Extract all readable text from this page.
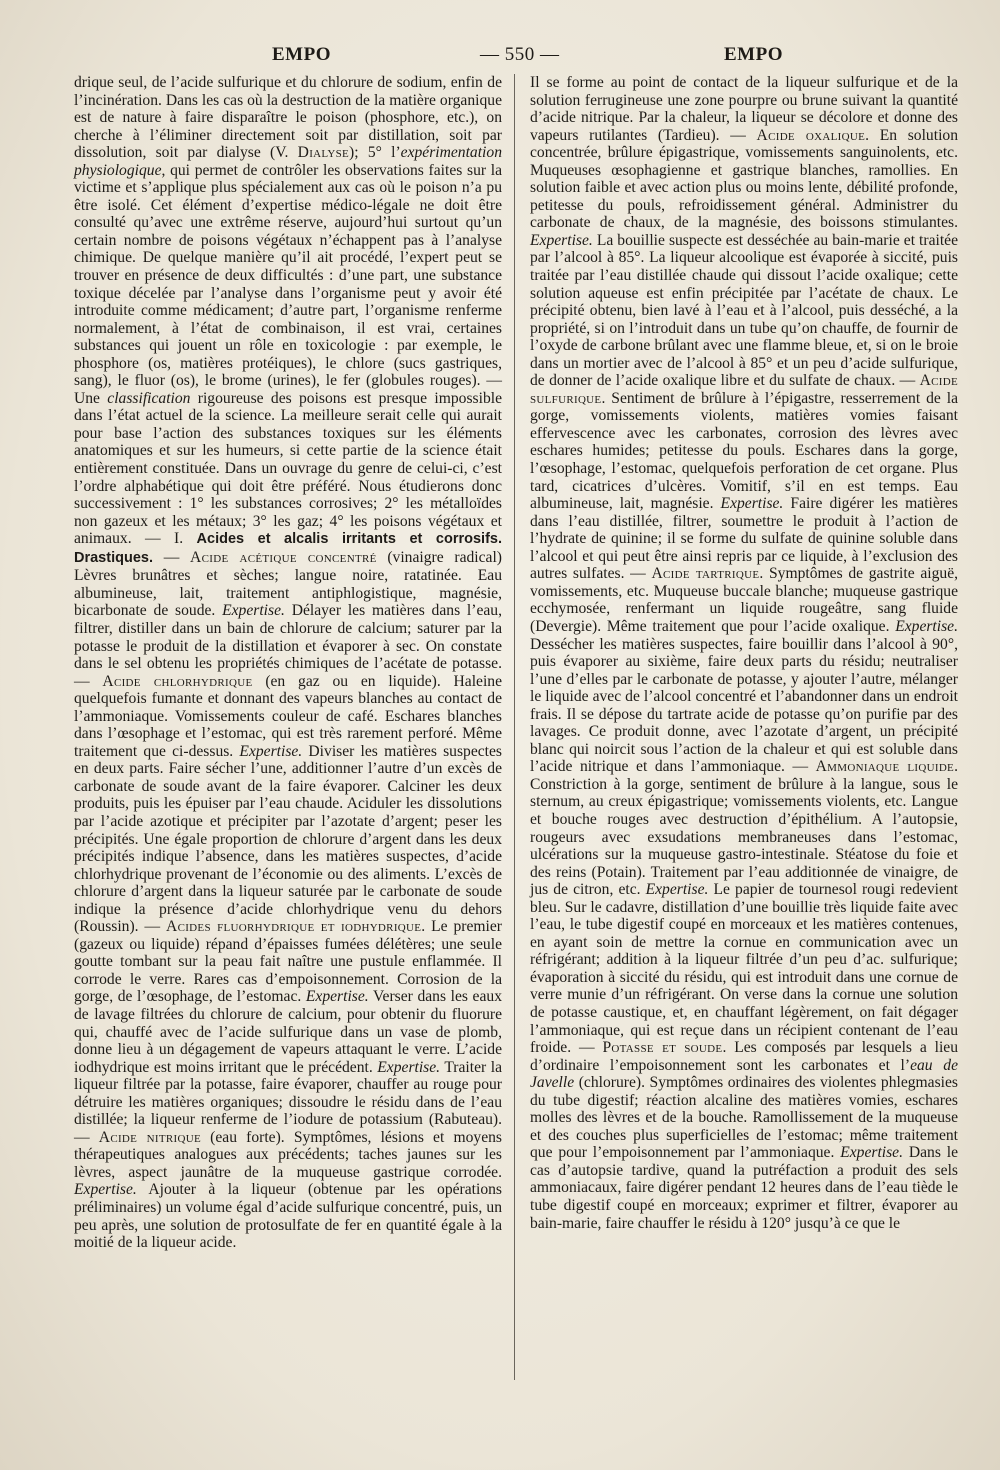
EMPO	— 550 —	EMPO

drique seul, de l’acide sulfurique et du chlorure de sodium, enfin de l’incinération. Dans les cas où la destruction de la matière organique est de nature à faire disparaître le poison (phosphore, etc.), on cherche à l’éliminer directement soit par distillation, soit par dissolution, soit par dialyse (V. Dialyse); 5° l’expérimentation physiologique, qui permet de contrôler les observations faites sur la victime et s’applique plus spécialement aux cas où le poison n’a pu être isolé. Cet élément d’expertise médico-légale ne doit être consulté qu’avec une extrême réserve, aujourd’hui surtout qu’un certain nombre de poisons végétaux n’échappent pas à l’analyse chimique. De quelque manière qu’il ait procédé, l’expert peut se trouver en présence de deux difficultés : d’une part, une substance toxique décelée par l’analyse dans l’organisme peut y avoir été introduite comme médicament; d’autre part, l’organisme renferme normalement, à l’état de combinaison, il est vrai, certaines substances qui jouent un rôle en toxicologie : par exemple, le phosphore (os, matières protéiques), le chlore (sucs gastriques, sang), le fluor (os), le brome (urines), le fer (globules rouges). — Une classification rigoureuse des poisons est presque impossible dans l’état actuel de la science. La meilleure serait celle qui aurait pour base l’action des substances toxiques sur les éléments anatomiques et sur les humeurs, si cette partie de la science était entièrement constituée. Dans un ouvrage du genre de celui-ci, c’est l’ordre alphabétique qui doit être préféré. Nous étudierons donc successivement : 1° les substances corrosives; 2° les métalloïdes non gazeux et les métaux; 3° les gaz; 4° les poisons végétaux et animaux. — I. Acides et alcalis irritants et corrosifs. Drastiques. — Acide acétique concentré (vinaigre radical) Lèvres brunâtres et sèches; langue noire, ratatinée. Eau albumineuse, lait, traitement antiphlogistique, magnésie, bicarbonate de soude. Expertise. Délayer les matières dans l’eau, filtrer, distiller dans un bain de chlorure de calcium; saturer par la potasse le produit de la distillation et évaporer à sec. On constate dans le sel obtenu les propriétés chimiques de l’acétate de potasse. — Acide chlorhydrique (en gaz ou en liquide). Haleine quelquefois fumante et donnant des vapeurs blanches au contact de l’ammoniaque. Vomissements couleur de café. Eschares blanches dans l’œsophage et l’estomac, qui est très rarement perforé. Même traitement que ci-dessus. Expertise. Diviser les matières suspectes en deux parts. Faire sécher l’une, additionner l’autre d’un excès de carbonate de soude avant de la faire évaporer. Calciner les deux produits, puis les épuiser par l’eau chaude. Aciduler les dissolutions par l’acide azotique et précipiter par l’azotate d’argent; peser les précipités. Une égale proportion de chlorure d’argent dans les deux précipités indique l’absence, dans les matières suspectes, d’acide chlorhydrique provenant de l’économie ou des aliments. L’excès de chlorure d’argent dans la liqueur saturée par le carbonate de soude indique la présence d’acide chlorhydrique venu du dehors (Roussin). — Acides fluorhydrique et iodhydrique. Le premier (gazeux ou liquide) répand d’épaisses fumées délétères; une seule goutte tombant sur la peau fait naître une pustule enflammée. Il corrode le verre. Rares cas d’empoisonnement. Corrosion de la gorge, de l’œsophage, de l’estomac. Expertise. Verser dans les eaux de lavage filtrées du chlorure de calcium, pour obtenir du fluorure qui, chauffé avec de l’acide sulfurique dans un vase de plomb, donne lieu à un dégagement de vapeurs attaquant le verre. L’acide iodhydrique est moins irritant que le précédent. Expertise. Traiter la liqueur filtrée par la potasse, faire évaporer, chauffer au rouge pour détruire les matières organiques; dissoudre le résidu dans de l’eau distillée; la liqueur renferme de l’iodure de potassium (Rabuteau). — Acide nitrique (eau forte). Symptômes, lésions et moyens thérapeutiques analogues aux précédents; taches jaunes sur les lèvres, aspect jaunâtre de la muqueuse gastrique corrodée. Expertise. Ajouter à la liqueur (obtenue par les opérations préliminaires) un volume égal d’acide sulfurique concentré, puis, un peu après, une solution de protosulfate de fer en quantité égale à la moitié de la liqueur acide.

Il se forme au point de contact de la liqueur sulfurique et de la solution ferrugineuse une zone pourpre ou brune suivant la quantité d’acide nitrique. Par la chaleur, la liqueur se décolore et donne des vapeurs rutilantes (Tardieu). — Acide oxalique. En solution concentrée, brûlure épigastrique, vomissements sanguinolents, etc. Muqueuses œsophagienne et gastrique blanches, ramollies. En solution faible et avec action plus ou moins lente, débilité profonde, petitesse du pouls, refroidissement général. Administrer du carbonate de chaux, de la magnésie, des boissons stimulantes. Expertise. La bouillie suspecte est desséchée au bain-marie et traitée par l’alcool à 85°. La liqueur alcoolique est évaporée à siccité, puis traitée par l’eau distillée chaude qui dissout l’acide oxalique; cette solution aqueuse est enfin précipitée par l’acétate de chaux. Le précipité obtenu, bien lavé à l’eau et à l’alcool, puis desséché, a la propriété, si on l’introduit dans un tube qu’on chauffe, de fournir de l’oxyde de carbone brûlant avec une flamme bleue, et, si on le broie dans un mortier avec de l’alcool à 85° et un peu d’acide sulfurique, de donner de l’acide oxalique libre et du sulfate de chaux. — Acide sulfurique. Sentiment de brûlure à l’épigastre, resserrement de la gorge, vomissements violents, matières vomies faisant effervescence avec les carbonates, corrosion des lèvres avec eschares humides; petitesse du pouls. Eschares dans la gorge, l’œsophage, l’estomac, quelquefois perforation de cet organe. Plus tard, cicatrices d’ulcères. Vomitif, s’il en est temps. Eau albumineuse, lait, magnésie. Expertise. Faire digérer les matières dans l’eau distillée, filtrer, soumettre le produit à l’action de l’hydrate de quinine; il se forme du sulfate de quinine soluble dans l’alcool et qui peut être ainsi repris par ce liquide, à l’exclusion des autres sulfates. — Acide tartrique. Symptômes de gastrite aiguë, vomissements, etc. Muqueuse buccale blanche; muqueuse gastrique ecchymosée, renfermant un liquide rougeâtre, sang fluide (Devergie). Même traitement que pour l’acide oxalique. Expertise. Dessécher les matières suspectes, faire bouillir dans l’alcool à 90°, puis évaporer au sixième, faire deux parts du résidu; neutraliser l’une d’elles par le carbonate de potasse, y ajouter l’autre, mélanger le liquide avec de l’alcool concentré et l’abandonner dans un endroit frais. Il se dépose du tartrate acide de potasse qu’on purifie par des lavages. Ce produit donne, avec l’azotate d’argent, un précipité blanc qui noircit sous l’action de la chaleur et qui est soluble dans l’acide nitrique et dans l’ammoniaque. — Ammoniaque liquide. Constriction à la gorge, sentiment de brûlure à la langue, sous le sternum, au creux épigastrique; vomissements violents, etc. Langue et bouche rouges avec destruction d’épithélium. A l’autopsie, rougeurs avec exsudations membraneuses dans l’estomac, ulcérations sur la muqueuse gastro-intestinale. Stéatose du foie et des reins (Potain). Traitement par l’eau additionnée de vinaigre, de jus de citron, etc. Expertise. Le papier de tournesol rougi redevient bleu. Sur le cadavre, distillation d’une bouillie très liquide faite avec l’eau, le tube digestif coupé en morceaux et les matières contenues, en ayant soin de mettre la cornue en communication avec un réfrigérant; addition à la liqueur filtrée d’un peu d’ac. sulfurique; évaporation à siccité du résidu, qui est introduit dans une cornue de verre munie d’un réfrigérant. On verse dans la cornue une solution de potasse caustique, et, en chauffant légèrement, on fait dégager l’ammoniaque, qui est reçue dans un récipient contenant de l’eau froide. — Potasse et soude. Les composés par lesquels a lieu d’ordinaire l’empoisonnement sont les carbonates et l’eau de Javelle (chlorure). Symptômes ordinaires des violentes phlegmasies du tube digestif; réaction alcaline des matières vomies, eschares molles des lèvres et de la bouche. Ramollissement de la muqueuse et des couches plus superficielles de l’estomac; même traitement que pour l’empoisonnement par l’ammoniaque. Expertise. Dans le cas d’autopsie tardive, quand la putréfaction a produit des sels ammoniacaux, faire digérer pendant 12 heures dans de l’eau tiède le tube digestif coupé en morceaux; exprimer et filtrer, évaporer au bain-marie, faire chauffer le résidu à 120° jusqu’à ce que le
